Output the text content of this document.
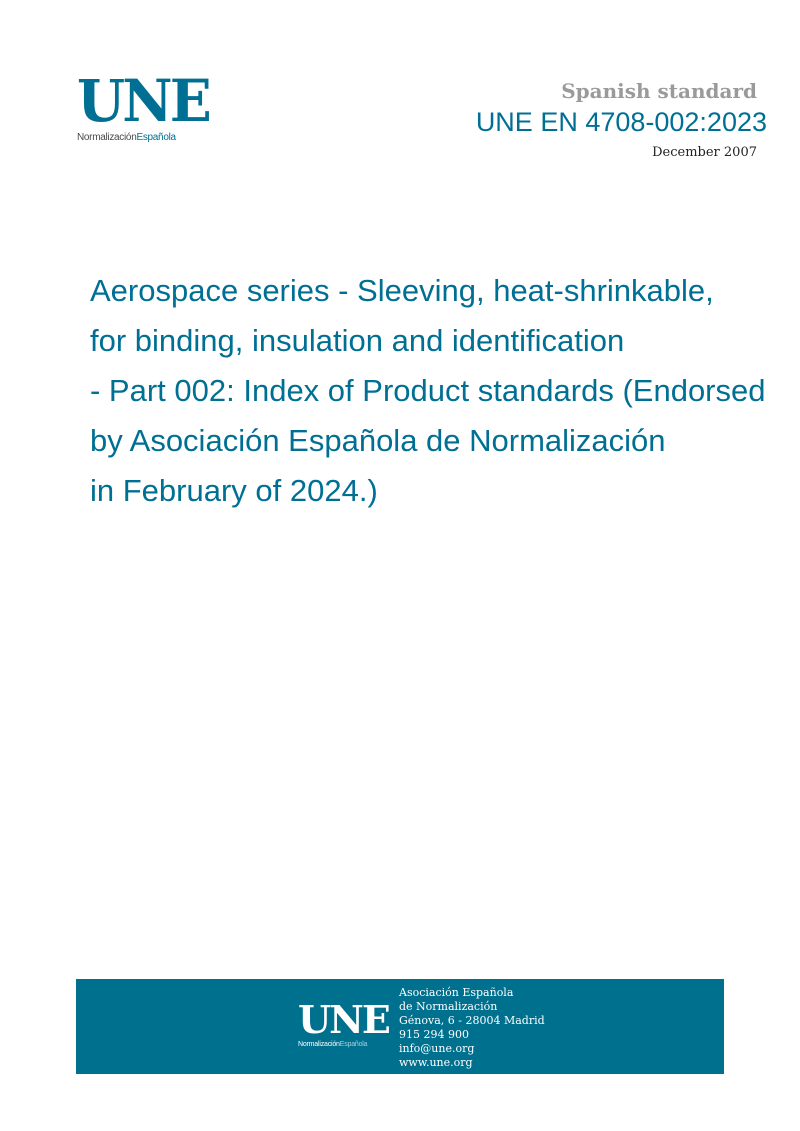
UNE
NormalizaciónEspañola
Spanish standard
UNE EN 4708-002:2023
December 2007
Aerospace series - Sleeving, heat-shrinkable,
for binding, insulation and identification
- Part 002: Index of Product standards (Endorsed
by Asociación Española de Normalización
in February of 2024.)
UNE
NormalizaciónEspañola
Asociación Española
de Normalización
Génova, 6 - 28004 Madrid
915 294 900
info@une.org
www.une.org
